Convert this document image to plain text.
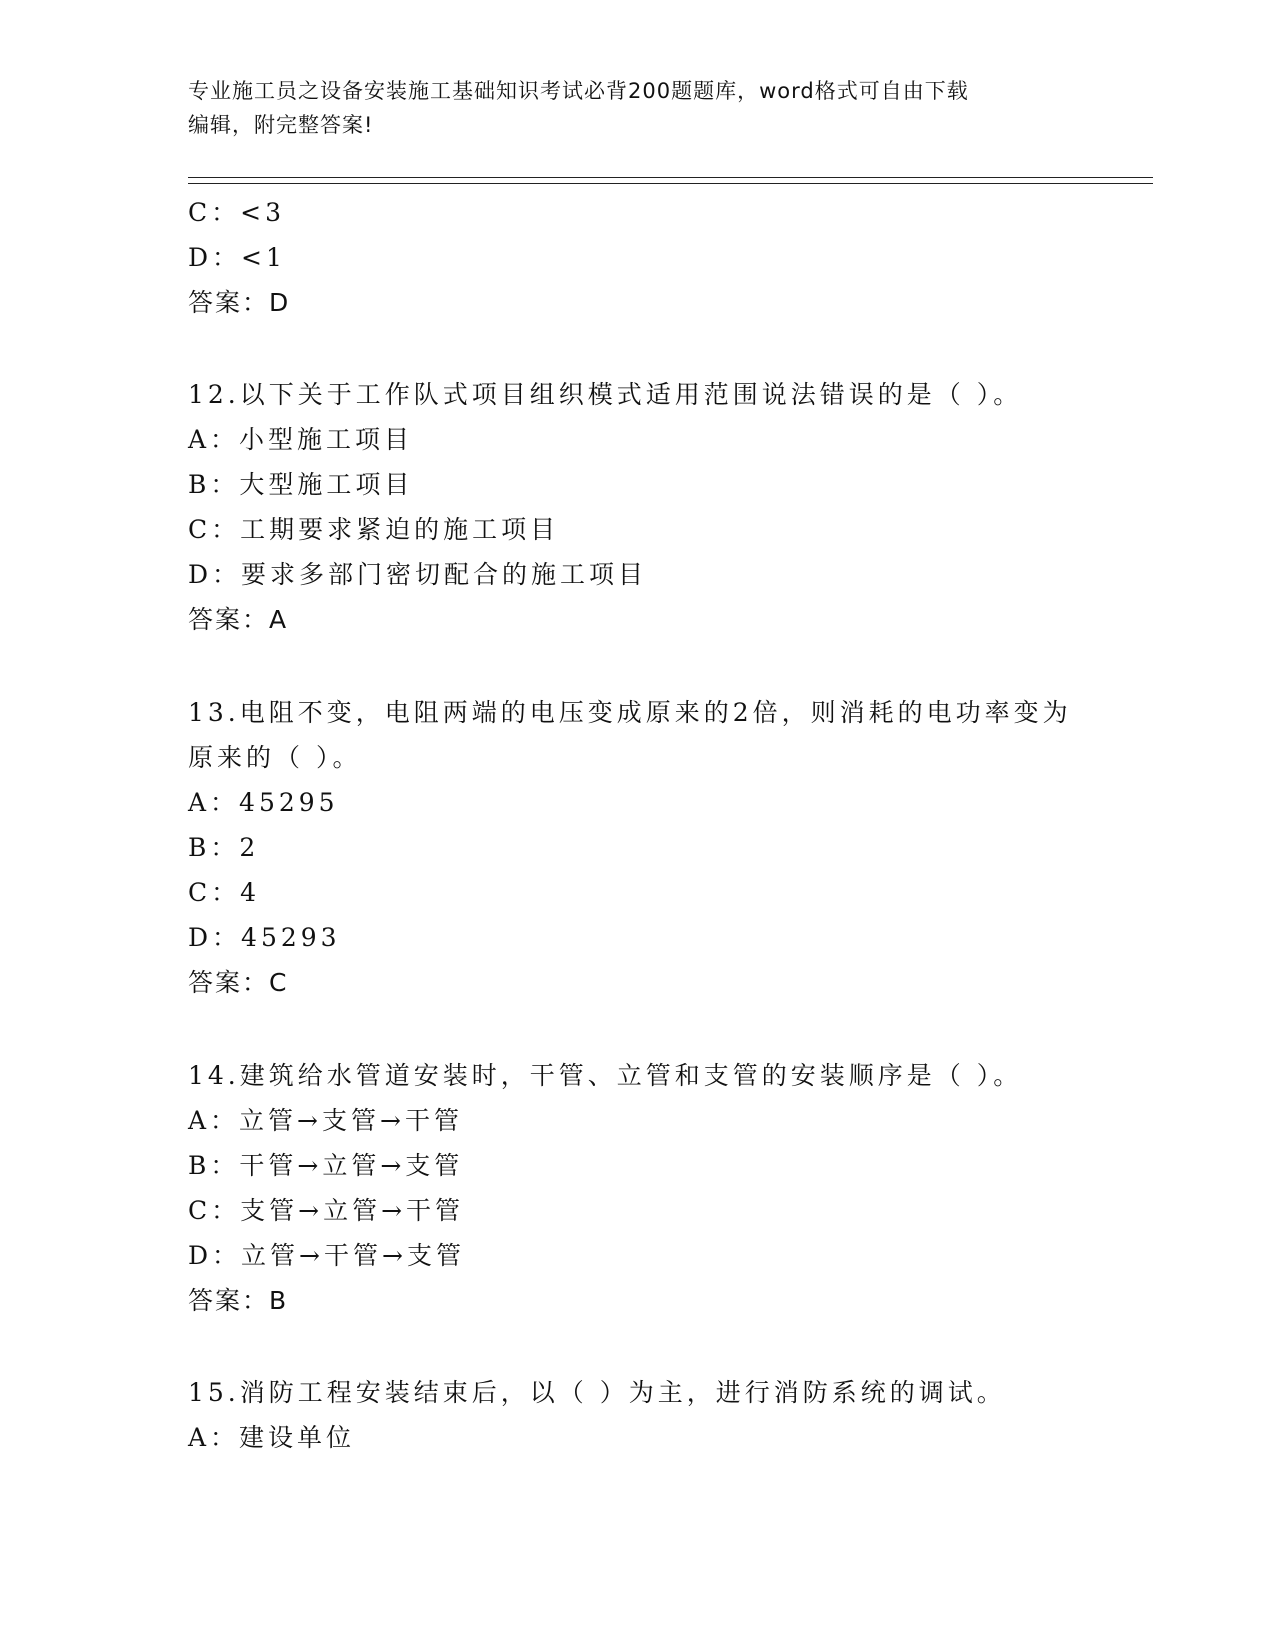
专业施工员之设备安装施工基础知识考试必背200题题库，word格式可自由下载
编辑，附完整答案!
C：<3
D：<1
答案：D
12.以下关于工作队式项目组织模式适用范围说法错误的是（ ）。
A：小型施工项目
B：大型施工项目
C：工期要求紧迫的施工项目
D：要求多部门密切配合的施工项目
答案：A
13.电阻不变，电阻两端的电压变成原来的2倍，则消耗的电功率变为
原来的（ ）。
A：45295
B：2
C：4
D：45293
答案：C
14.建筑给水管道安装时，干管、立管和支管的安装顺序是（ ）。
A：立管→支管→干管
B：干管→立管→支管
C：支管→立管→干管
D：立管→干管→支管
答案：B
15.消防工程安装结束后，以（ ）为主，进行消防系统的调试。
A：建设单位
